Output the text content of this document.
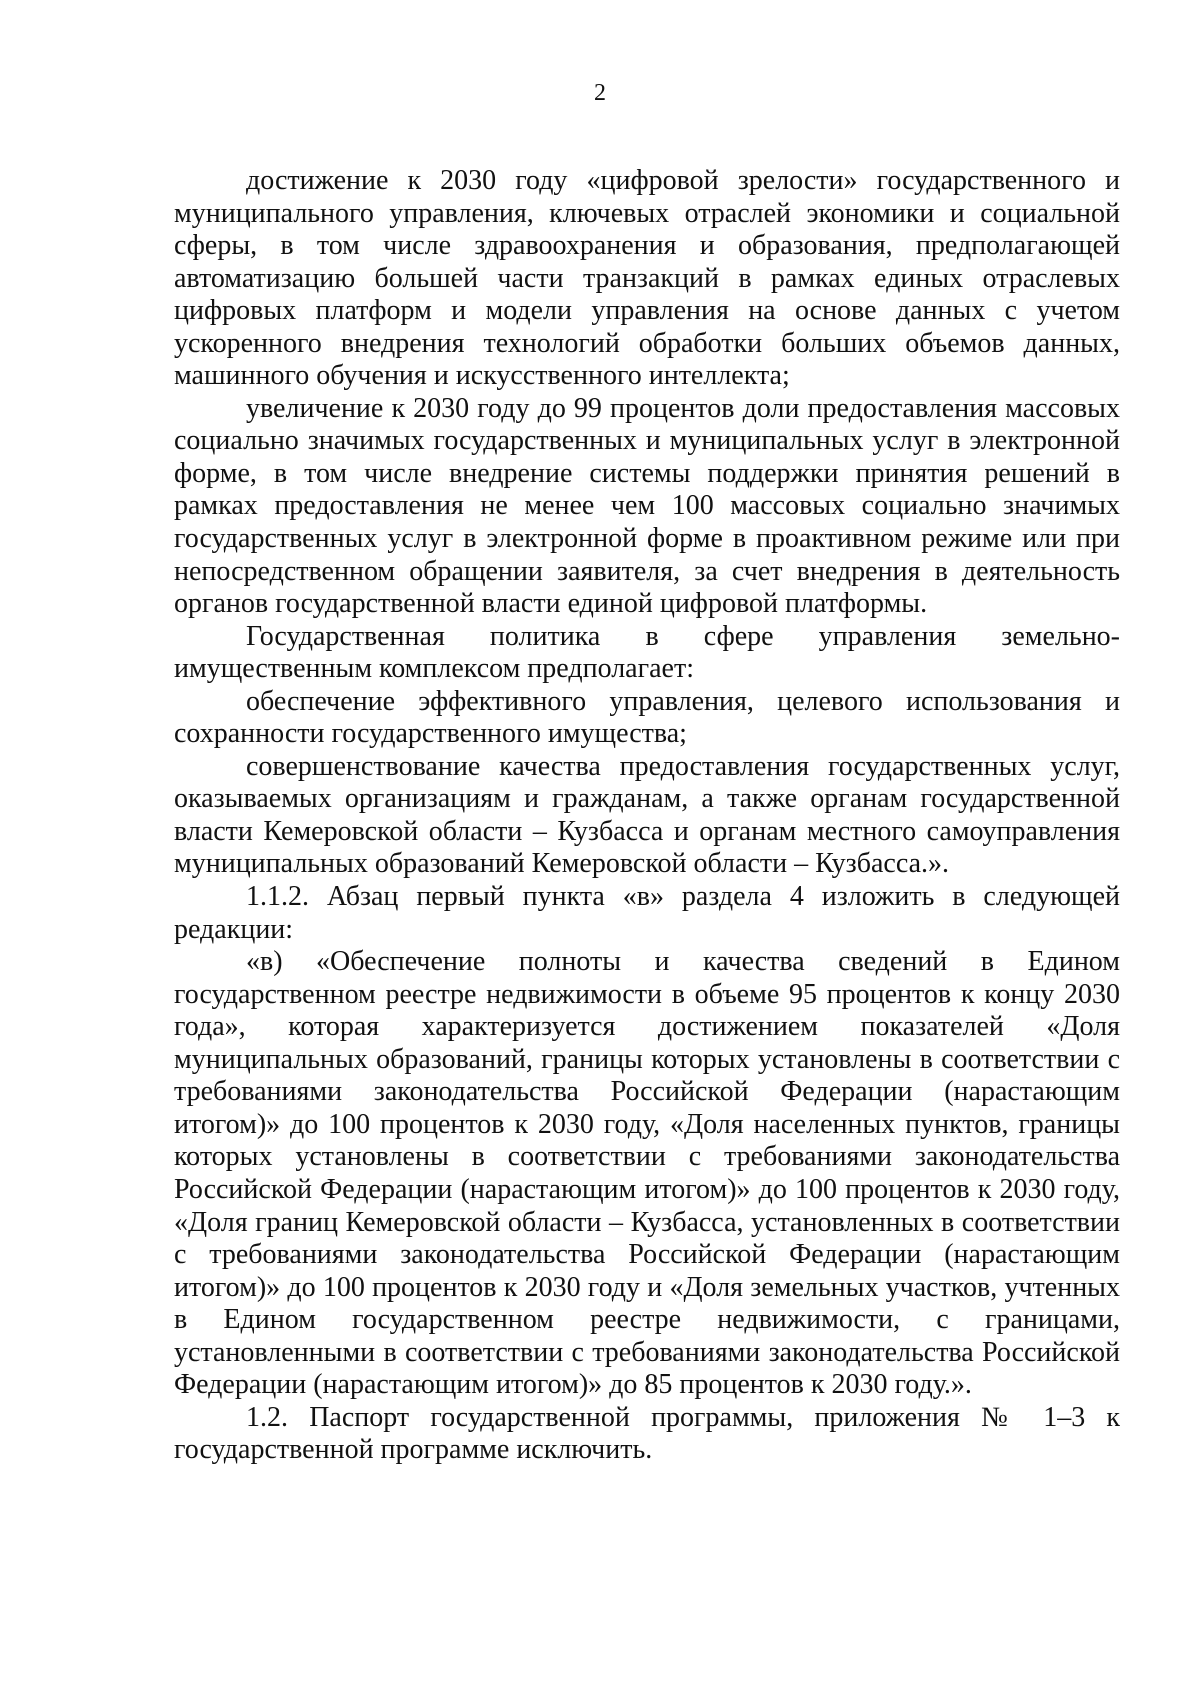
2

достижение к 2030 году «цифровой зрелости» государственного и муниципального управления, ключевых отраслей экономики и социальной сферы, в том числе здравоохранения и образования, предполагающей автоматизацию большей части транзакций в рамках единых отраслевых цифровых платформ и модели управления на основе данных с учетом ускоренного внедрения технологий обработки больших объемов данных, машинного обучения и искусственного интеллекта;

увеличение к 2030 году до 99 процентов доли предоставления массовых социально значимых государственных и муниципальных услуг в электронной форме, в том числе внедрение системы поддержки принятия решений в рамках предоставления не менее чем 100 массовых социально значимых государственных услуг в электронной форме в проактивном режиме или при непосредственном обращении заявителя, за счет внедрения в деятельность органов государственной власти единой цифровой платформы.

Государственная политика в сфере управления земельно-имущественным комплексом предполагает:

обеспечение эффективного управления, целевого использования и сохранности государственного имущества;

совершенствование качества предоставления государственных услуг, оказываемых организациям и гражданам, а также органам государственной власти Кемеровской области – Кузбасса и органам местного самоуправления муниципальных образований Кемеровской области – Кузбасса.».

1.1.2. Абзац первый пункта «в» раздела 4 изложить в следующей редакции:

«в) «Обеспечение полноты и качества сведений в Едином государственном реестре недвижимости в объеме 95 процентов к концу 2030 года», которая характеризуется достижением показателей «Доля муниципальных образований, границы которых установлены в соответствии с требованиями законодательства Российской Федерации (нарастающим итогом)» до 100 процентов к 2030 году, «Доля населенных пунктов, границы которых установлены в соответствии с требованиями законодательства Российской Федерации (нарастающим итогом)» до 100 процентов к 2030 году, «Доля границ Кемеровской области – Кузбасса, установленных в соответствии с требованиями законодательства Российской Федерации (нарастающим итогом)» до 100 процентов к 2030 году и «Доля земельных участков, учтенных в Едином государственном реестре недвижимости, с границами, установленными в соответствии с требованиями законодательства Российской Федерации (нарастающим итогом)» до 85 процентов к 2030 году.».

1.2. Паспорт государственной программы, приложения № 1–3 к государственной программе исключить.
